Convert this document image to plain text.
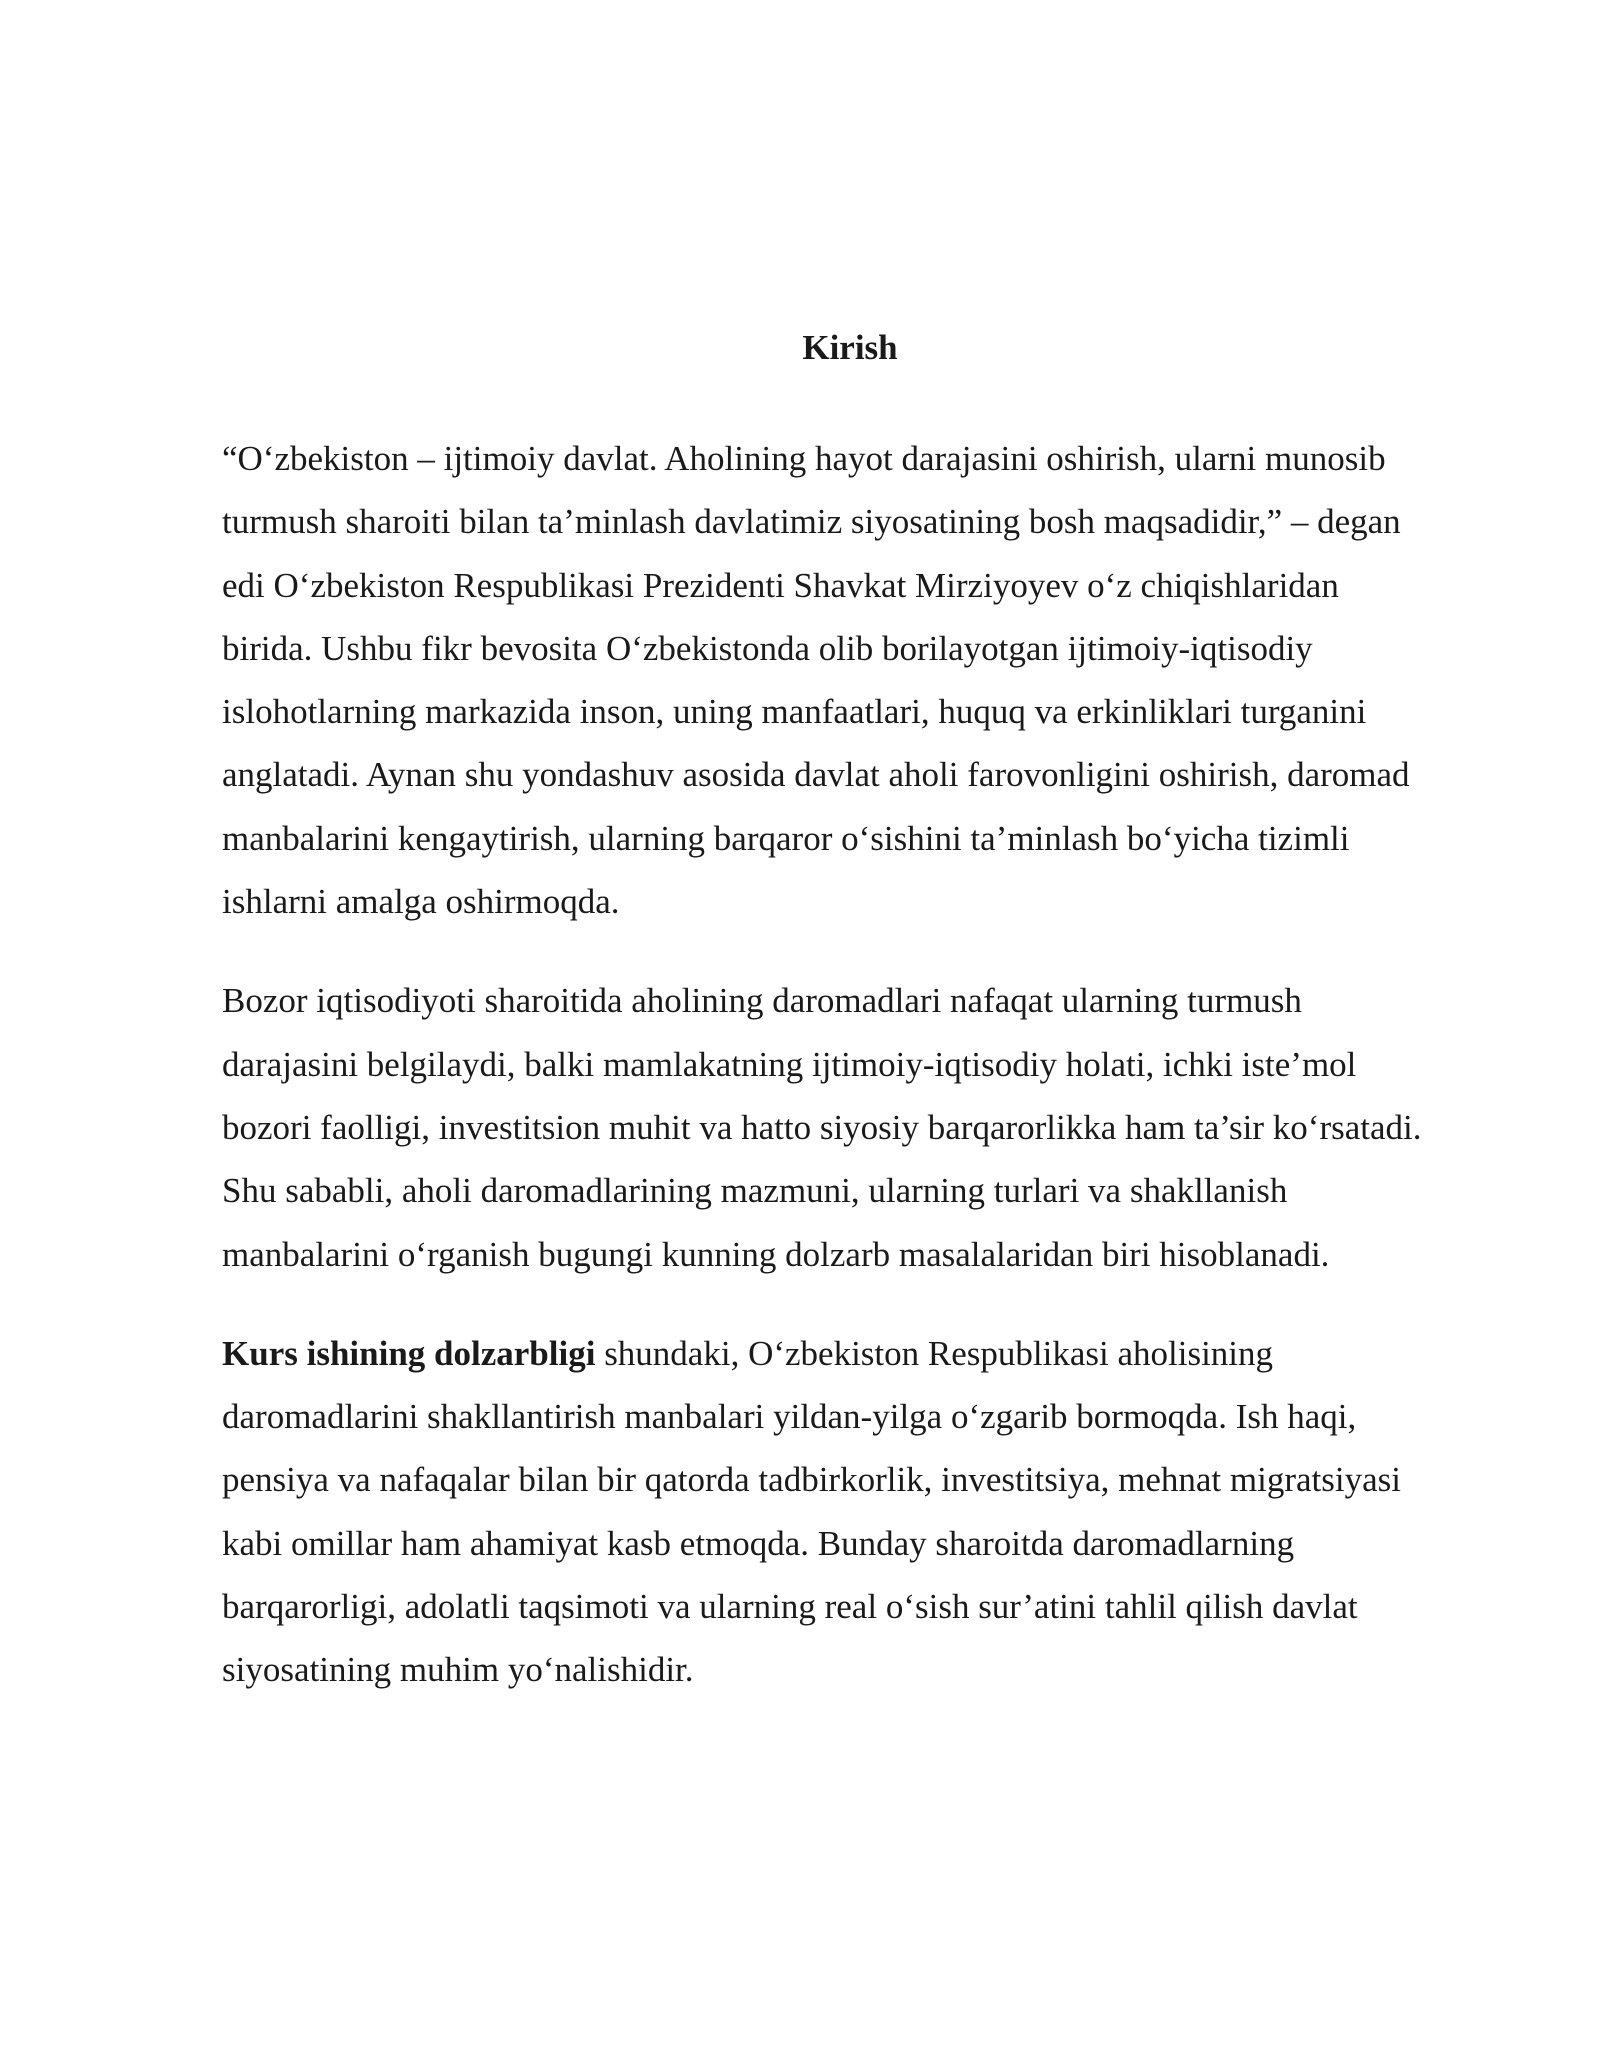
Kirish

“Oʻzbekiston – ijtimoiy davlat. Aholining hayot darajasini oshirish, ularni munosib
turmush sharoiti bilan ta’minlash davlatimiz siyosatining bosh maqsadidir,” – degan
edi Oʻzbekiston Respublikasi Prezidenti Shavkat Mirziyoyev oʻz chiqishlaridan
birida. Ushbu fikr bevosita Oʻzbekistonda olib borilayotgan ijtimoiy-iqtisodiy
islohotlarning markazida inson, uning manfaatlari, huquq va erkinliklari turganini
anglatadi. Aynan shu yondashuv asosida davlat aholi farovonligini oshirish, daromad
manbalarini kengaytirish, ularning barqaror oʻsishini ta’minlash boʻyicha tizimli
ishlarni amalga oshirmoqda.

Bozor iqtisodiyoti sharoitida aholining daromadlari nafaqat ularning turmush
darajasini belgilaydi, balki mamlakatning ijtimoiy-iqtisodiy holati, ichki iste’mol
bozori faolligi, investitsion muhit va hatto siyosiy barqarorlikka ham ta’sir koʻrsatadi.
Shu sababli, aholi daromadlarining mazmuni, ularning turlari va shakllanish
manbalarini oʻrganish bugungi kunning dolzarb masalalaridan biri hisoblanadi.

Kurs ishining dolzarbligi shundaki, Oʻzbekiston Respublikasi aholisining
daromadlarini shakllantirish manbalari yildan-yilga oʻzgarib bormoqda. Ish haqi,
pensiya va nafaqalar bilan bir qatorda tadbirkorlik, investitsiya, mehnat migratsiyasi
kabi omillar ham ahamiyat kasb etmoqda. Bunday sharoitda daromadlarning
barqarorligi, adolatli taqsimoti va ularning real oʻsish sur’atini tahlil qilish davlat
siyosatining muhim yoʻnalishidir.
